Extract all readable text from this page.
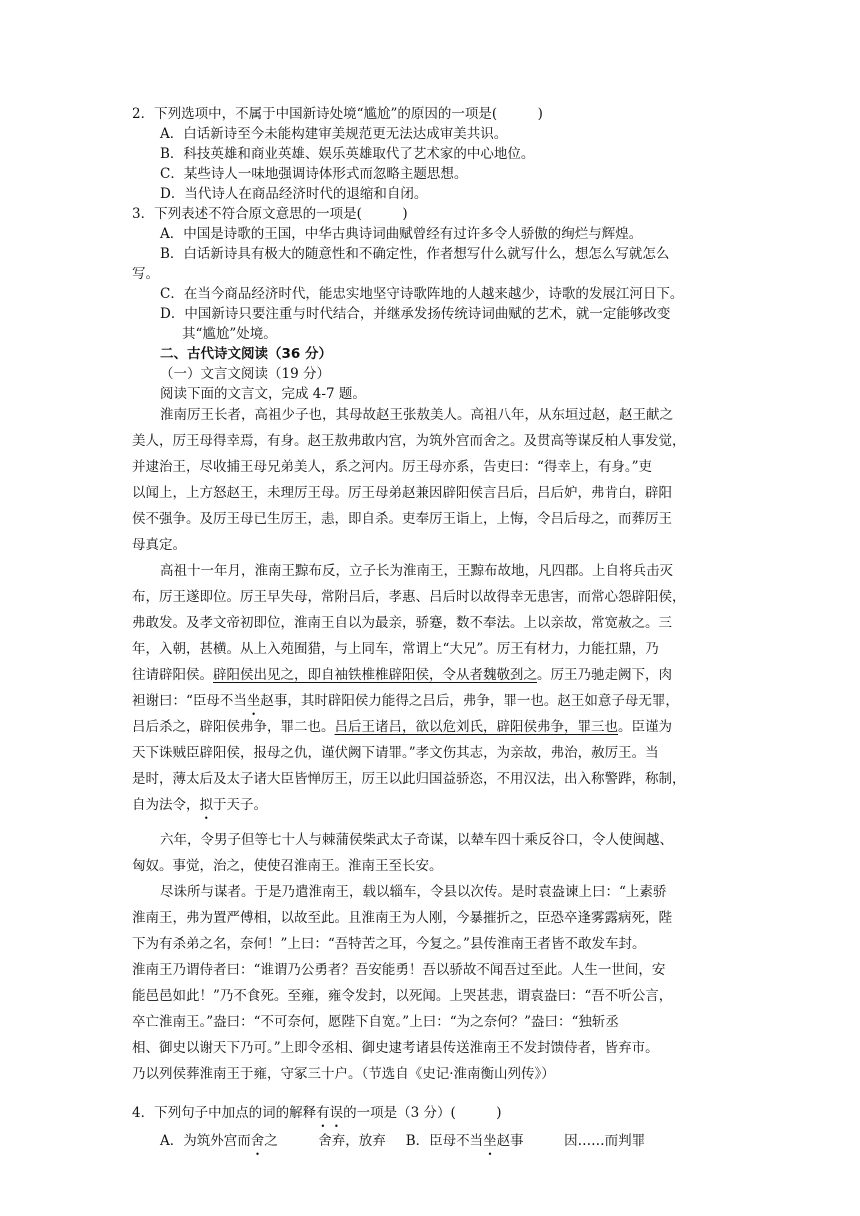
2．下列选项中，不属于中国新诗处境“尴尬”的原因的一项是(　　　)
A．白话新诗至今未能构建审美规范更无法达成审美共识。
B．科技英雄和商业英雄、娱乐英雄取代了艺术家的中心地位。
C．某些诗人一味地强调诗体形式而忽略主题思想。
D．当代诗人在商品经济时代的退缩和自闭。
3．下列表述不符合原文意思的一项是(　　　)
A．中国是诗歌的王国，中华古典诗词曲赋曾经有过许多令人骄傲的绚烂与辉煌。
B．白话新诗具有极大的随意性和不确定性，作者想写什么就写什么，想怎么写就怎么
写。
C．在当今商品经济时代，能忠实地坚守诗歌阵地的人越来越少，诗歌的发展江河日下。
D．中国新诗只要注重与时代结合，并继承发扬传统诗词曲赋的艺术，就一定能够改变
其“尴尬”处境。
二、古代诗文阅读（36 分）
（一）文言文阅读（19 分）
阅读下面的文言文，完成 4-7 题。
淮南厉王长者，高祖少子也，其母故赵王张敖美人。高祖八年，从东垣过赵，赵王献之
美人，厉王母得幸焉，有身。赵王敖弗敢内宫，为筑外宫而舍之。及贯高等谋反柏人事发觉，
并逮治王，尽收捕王母兄弟美人，系之河内。厉王母亦系，告吏曰：“得幸上，有身。”吏
以闻上，上方怒赵王，未理厉王母。厉王母弟赵兼因辟阳侯言吕后，吕后妒，弗肯白，辟阳
侯不强争。及厉王母已生厉王，恚，即自杀。吏奉厉王诣上，上悔，令吕后母之，而葬厉王
母真定。
高祖十一年月，淮南王黥布反，立子长为淮南王，王黥布故地，凡四郡。上自将兵击灭
布，厉王遂即位。厉王早失母，常附吕后，孝惠、吕后时以故得幸无患害，而常心怨辟阳侯，
弗敢发。及孝文帝初即位，淮南王自以为最亲，骄蹇，数不奉法。上以亲故，常宽赦之。三
年，入朝，甚横。从上入苑囿猎，与上同车，常谓上“大兄”。厉王有材力，力能扛鼎，乃
往请辟阳侯。辟阳侯出见之，即自袖铁椎椎辟阳侯，令从者魏敬刭之。厉王乃驰走阙下，肉
袒谢曰：“臣母不当坐赵事，其时辟阳侯力能得之吕后，弗争，罪一也。赵王如意子母无罪，
吕后杀之，辟阳侯弗争，罪二也。吕后王诸吕，欲以危刘氏，辟阳侯弗争，罪三也。臣谨为
天下诛贼臣辟阳侯，报母之仇，谨伏阙下请罪。”孝文伤其志，为亲故，弗治，赦厉王。当
是时，薄太后及太子诸大臣皆惮厉王，厉王以此归国益骄恣，不用汉法，出入称警跸，称制，
自为法令，拟于天子。
六年，令男子但等七十人与棘蒲侯柴武太子奇谋，以辇车四十乘反谷口，令人使闽越、
匈奴。事觉，治之，使使召淮南王。淮南王至长安。
尽诛所与谋者。于是乃遣淮南王，载以辎车，令县以次传。是时袁盎谏上曰：“上素骄
淮南王，弗为置严傅相，以故至此。且淮南王为人刚，今暴摧折之，臣恐卒逢雾露病死，陛
下为有杀弟之名，奈何！”上曰：“吾特苦之耳，今复之。”县传淮南王者皆不敢发车封。
淮南王乃谓侍者曰：“谁谓乃公勇者？吾安能勇！吾以骄故不闻吾过至此。人生一世间，安
能邑邑如此！”乃不食死。至雍，雍令发封，以死闻。上哭甚悲，谓袁盎曰：“吾不听公言，
卒亡淮南王。”盎曰：“不可奈何，愿陛下自宽。”上曰：“为之奈何？”盎曰：“独斩丞
相、御史以谢天下乃可。”上即令丞相、御史逮考诸县传送淮南王不发封馈侍者，皆弃市。
乃以列侯葬淮南王于雍，守冢三十户。（节选自《史记·淮南衡山列传》）
4．下列句子中加点的词的解释有误的一项是（3 分）(　　　)
A．为筑外宫而舍之　　　舍弃，放弃 B．臣母不当坐赵事　　　因……而判罪
